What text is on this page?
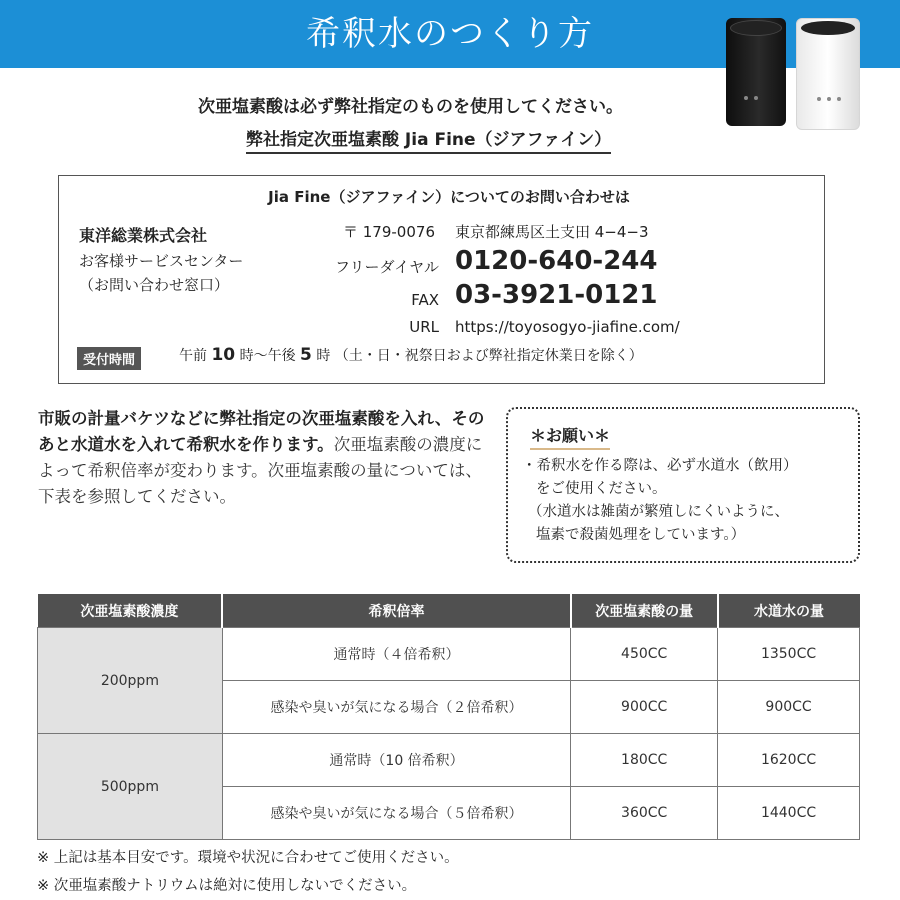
希釈水のつくり方
次亜塩素酸は必ず弊社指定のものを使用してください。
弊社指定次亜塩素酸 Jia Fine（ジアファイン）
Jia Fine（ジアファイン）についてのお問い合わせは
東洋総業株式会社
お客様サービスセンター
（お問い合わせ窓口）
〒 179-0076 東京都練馬区土支田 4−4−3
フリーダイヤル 0120-640-244
FAX 03-3921-0121
URL https://toyosogyo-jiafine.com/
受付時間	午前 10 時～午後 5 時 （土・日・祝祭日および弊社指定休業日を除く）
市販の計量バケツなどに弊社指定の次亜塩素酸を入れ、そのあと水道水を入れて希釈水を作ります。次亜塩素酸の濃度によって希釈倍率が変わります。次亜塩素酸の量については、下表を参照してください。
＊お願い＊
・希釈水を作る際は、必ず水道水（飲用）
をご使用ください。
（水道水は雑菌が繁殖しにくいように、
塩素で殺菌処理をしています。）
次亜塩素酸濃度	希釈倍率	次亜塩素酸の量	水道水の量
200ppm	通常時（４倍希釈）	450CC	1350CC
	感染や臭いが気になる場合（２倍希釈）	900CC	900CC
500ppm	通常時（10 倍希釈）	180CC	1620CC
	感染や臭いが気になる場合（５倍希釈）	360CC	1440CC
※ 上記は基本目安です。環境や状況に合わせてご使用ください。
※ 次亜塩素酸ナトリウムは絶対に使用しないでください。
